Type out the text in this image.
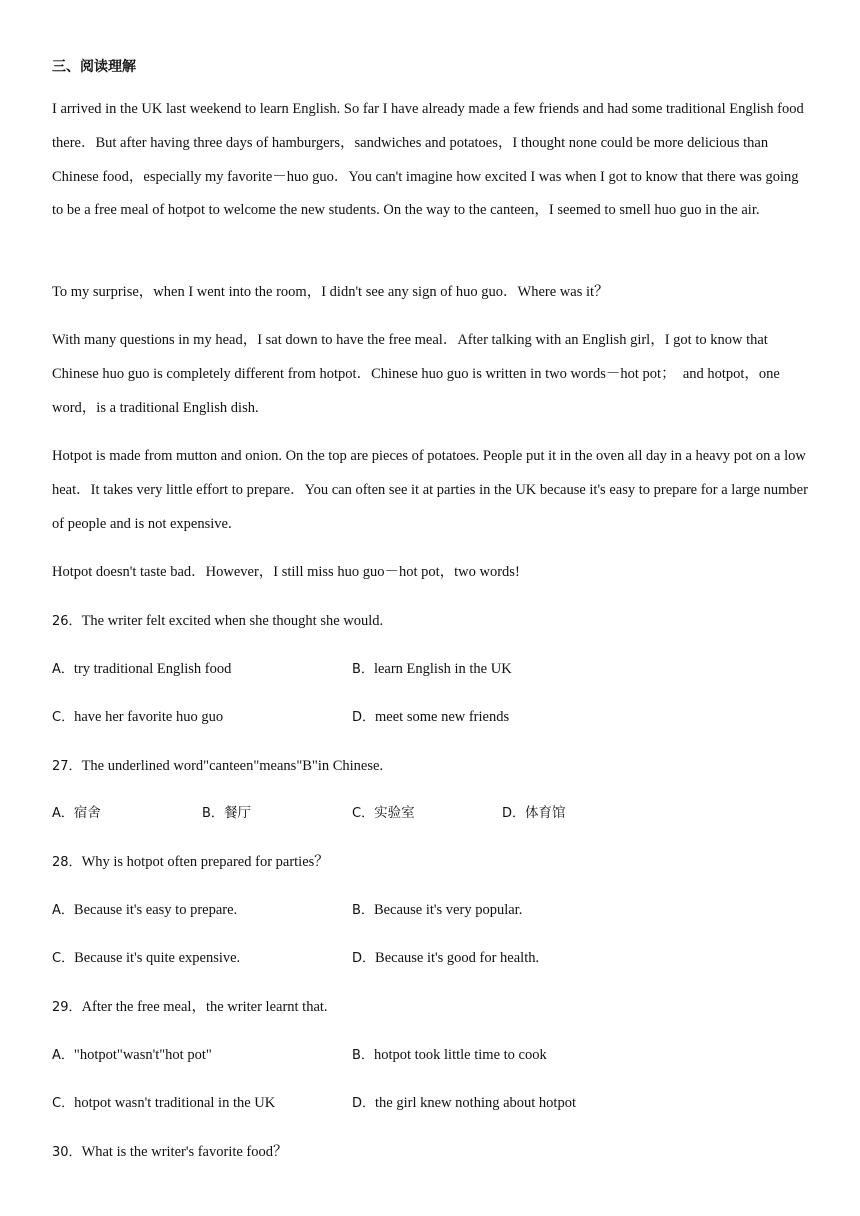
三、阅读理解

I arrived in the UK last weekend to learn English. So far I have already made a few friends and had some traditional English food there．But after having three days of hamburgers，sandwiches and potatoes，I thought none could be more delicious than Chinese food，especially my favorite－huo guo．You can't imagine how excited I was when I got to know that there was going to be a free meal of hotpot to welcome the new students. On the way to the canteen，I seemed to smell huo guo in the air.

To my surprise，when I went into the room，I didn't see any sign of huo guo．Where was it？

With many questions in my head，I sat down to have the free meal．After talking with an English girl，I got to know that Chinese huo guo is completely different from hotpot．Chinese huo guo is written in two words－hot pot；　and hotpot，one word，is a traditional English dish.

Hotpot is made from mutton and onion. On the top are pieces of potatoes. People put it in the oven all day in a heavy pot on a low heat．It takes very little effort to prepare．You can often see it at parties in the UK because it's easy to prepare for a large number of people and is not expensive.

Hotpot doesn't taste bad．However，I still miss huo guo－hot pot，two words!

26．The writer felt excited when she thought she would.
A．try traditional English food	B．learn English in the UK
C．have her favorite huo guo	D．meet some new friends
27．The underlined word"canteen"means"B"in Chinese.
A．宿舍	B．餐厅	C．实验室	D．体育馆
28．Why is hotpot often prepared for parties？
A．Because it's easy to prepare.	B．Because it's very popular.
C．Because it's quite expensive.	D．Because it's good for health.
29．After the free meal，the writer learnt that.
A．"hotpot"wasn't"hot pot"	B．hotpot took little time to cook
C．hotpot wasn't traditional in the UK	D．the girl knew nothing about hotpot
30．What is the writer's favorite food？
